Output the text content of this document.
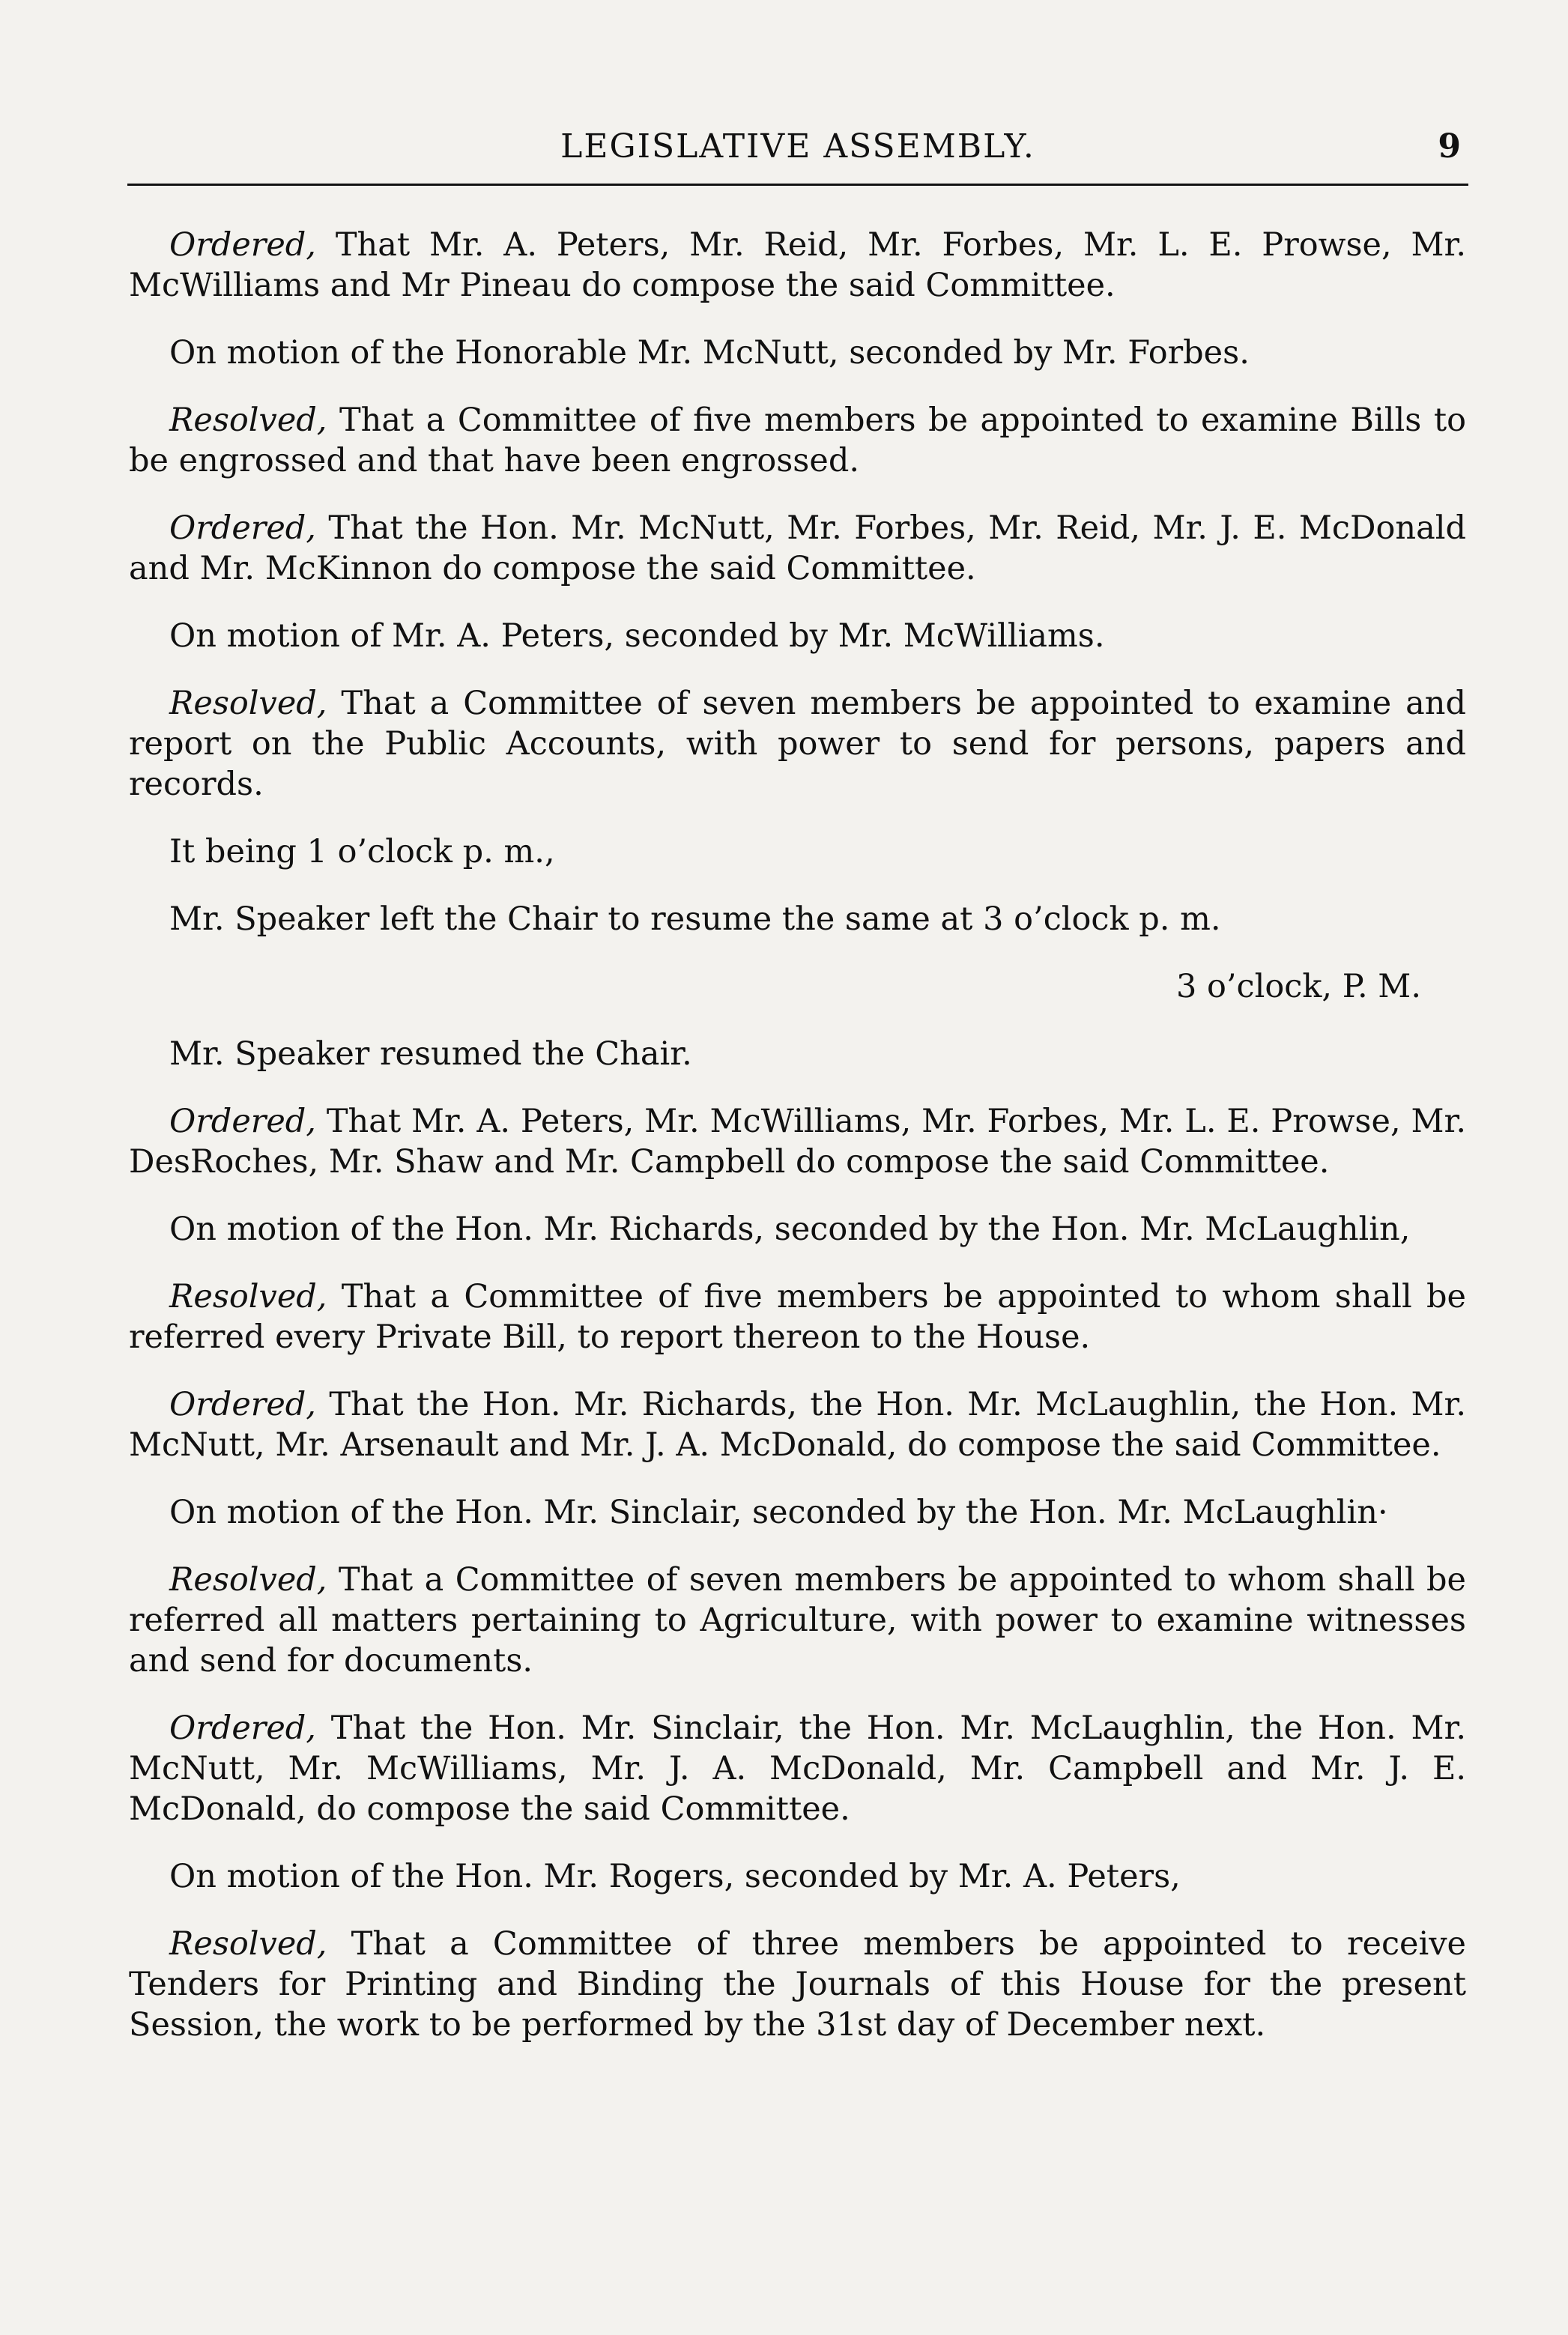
LEGISLATIVE ASSEMBLY.	9

Ordered, That Mr. A. Peters, Mr. Reid, Mr. Forbes, Mr. L. E. Prowse, Mr. McWilliams and Mr Pineau do compose the said Committee.

On motion of the Honorable Mr. McNutt, seconded by Mr. Forbes.

Resolved, That a Committee of five members be appointed to examine Bills to be engrossed and that have been engrossed.

Ordered, That the Hon. Mr. McNutt, Mr. Forbes, Mr. Reid, Mr. J. E. McDonald and Mr. McKinnon do compose the said Committee.

On motion of Mr. A. Peters, seconded by Mr. McWilliams.

Resolved, That a Committee of seven members be appointed to examine and report on the Public Accounts, with power to send for persons, papers and records.

It being 1 o’clock p. m.,

Mr. Speaker left the Chair to resume the same at 3 o’clock p. m.

3 o’clock, P. M.

Mr. Speaker resumed the Chair.

Ordered, That Mr. A. Peters, Mr. McWilliams, Mr. Forbes, Mr. L. E. Prowse, Mr. DesRoches, Mr. Shaw and Mr. Campbell do compose the said Committee.

On motion of the Hon. Mr. Richards, seconded by the Hon. Mr. McLaughlin,

Resolved, That a Committee of five members be appointed to whom shall be referred every Private Bill, to report thereon to the House.

Ordered, That the Hon. Mr. Richards, the Hon. Mr. McLaughlin, the Hon. Mr. McNutt, Mr. Arsenault and Mr. J. A. McDonald, do compose the said Committee.

On motion of the Hon. Mr. Sinclair, seconded by the Hon. Mr. McLaughlin·

Resolved, That a Committee of seven members be appointed to whom shall be referred all matters pertaining to Agriculture, with power to examine witnesses and send for documents.

Ordered, That the Hon. Mr. Sinclair, the Hon. Mr. McLaughlin, the Hon. Mr. McNutt, Mr. McWilliams, Mr. J. A. McDonald, Mr. Campbell and Mr. J. E. McDonald, do compose the said Committee.

On motion of the Hon. Mr. Rogers, seconded by Mr. A. Peters,

Resolved, That a Committee of three members be appointed to receive Tenders for Printing and Binding the Journals of this House for the present Session, the work to be performed by the 31st day of December next.
